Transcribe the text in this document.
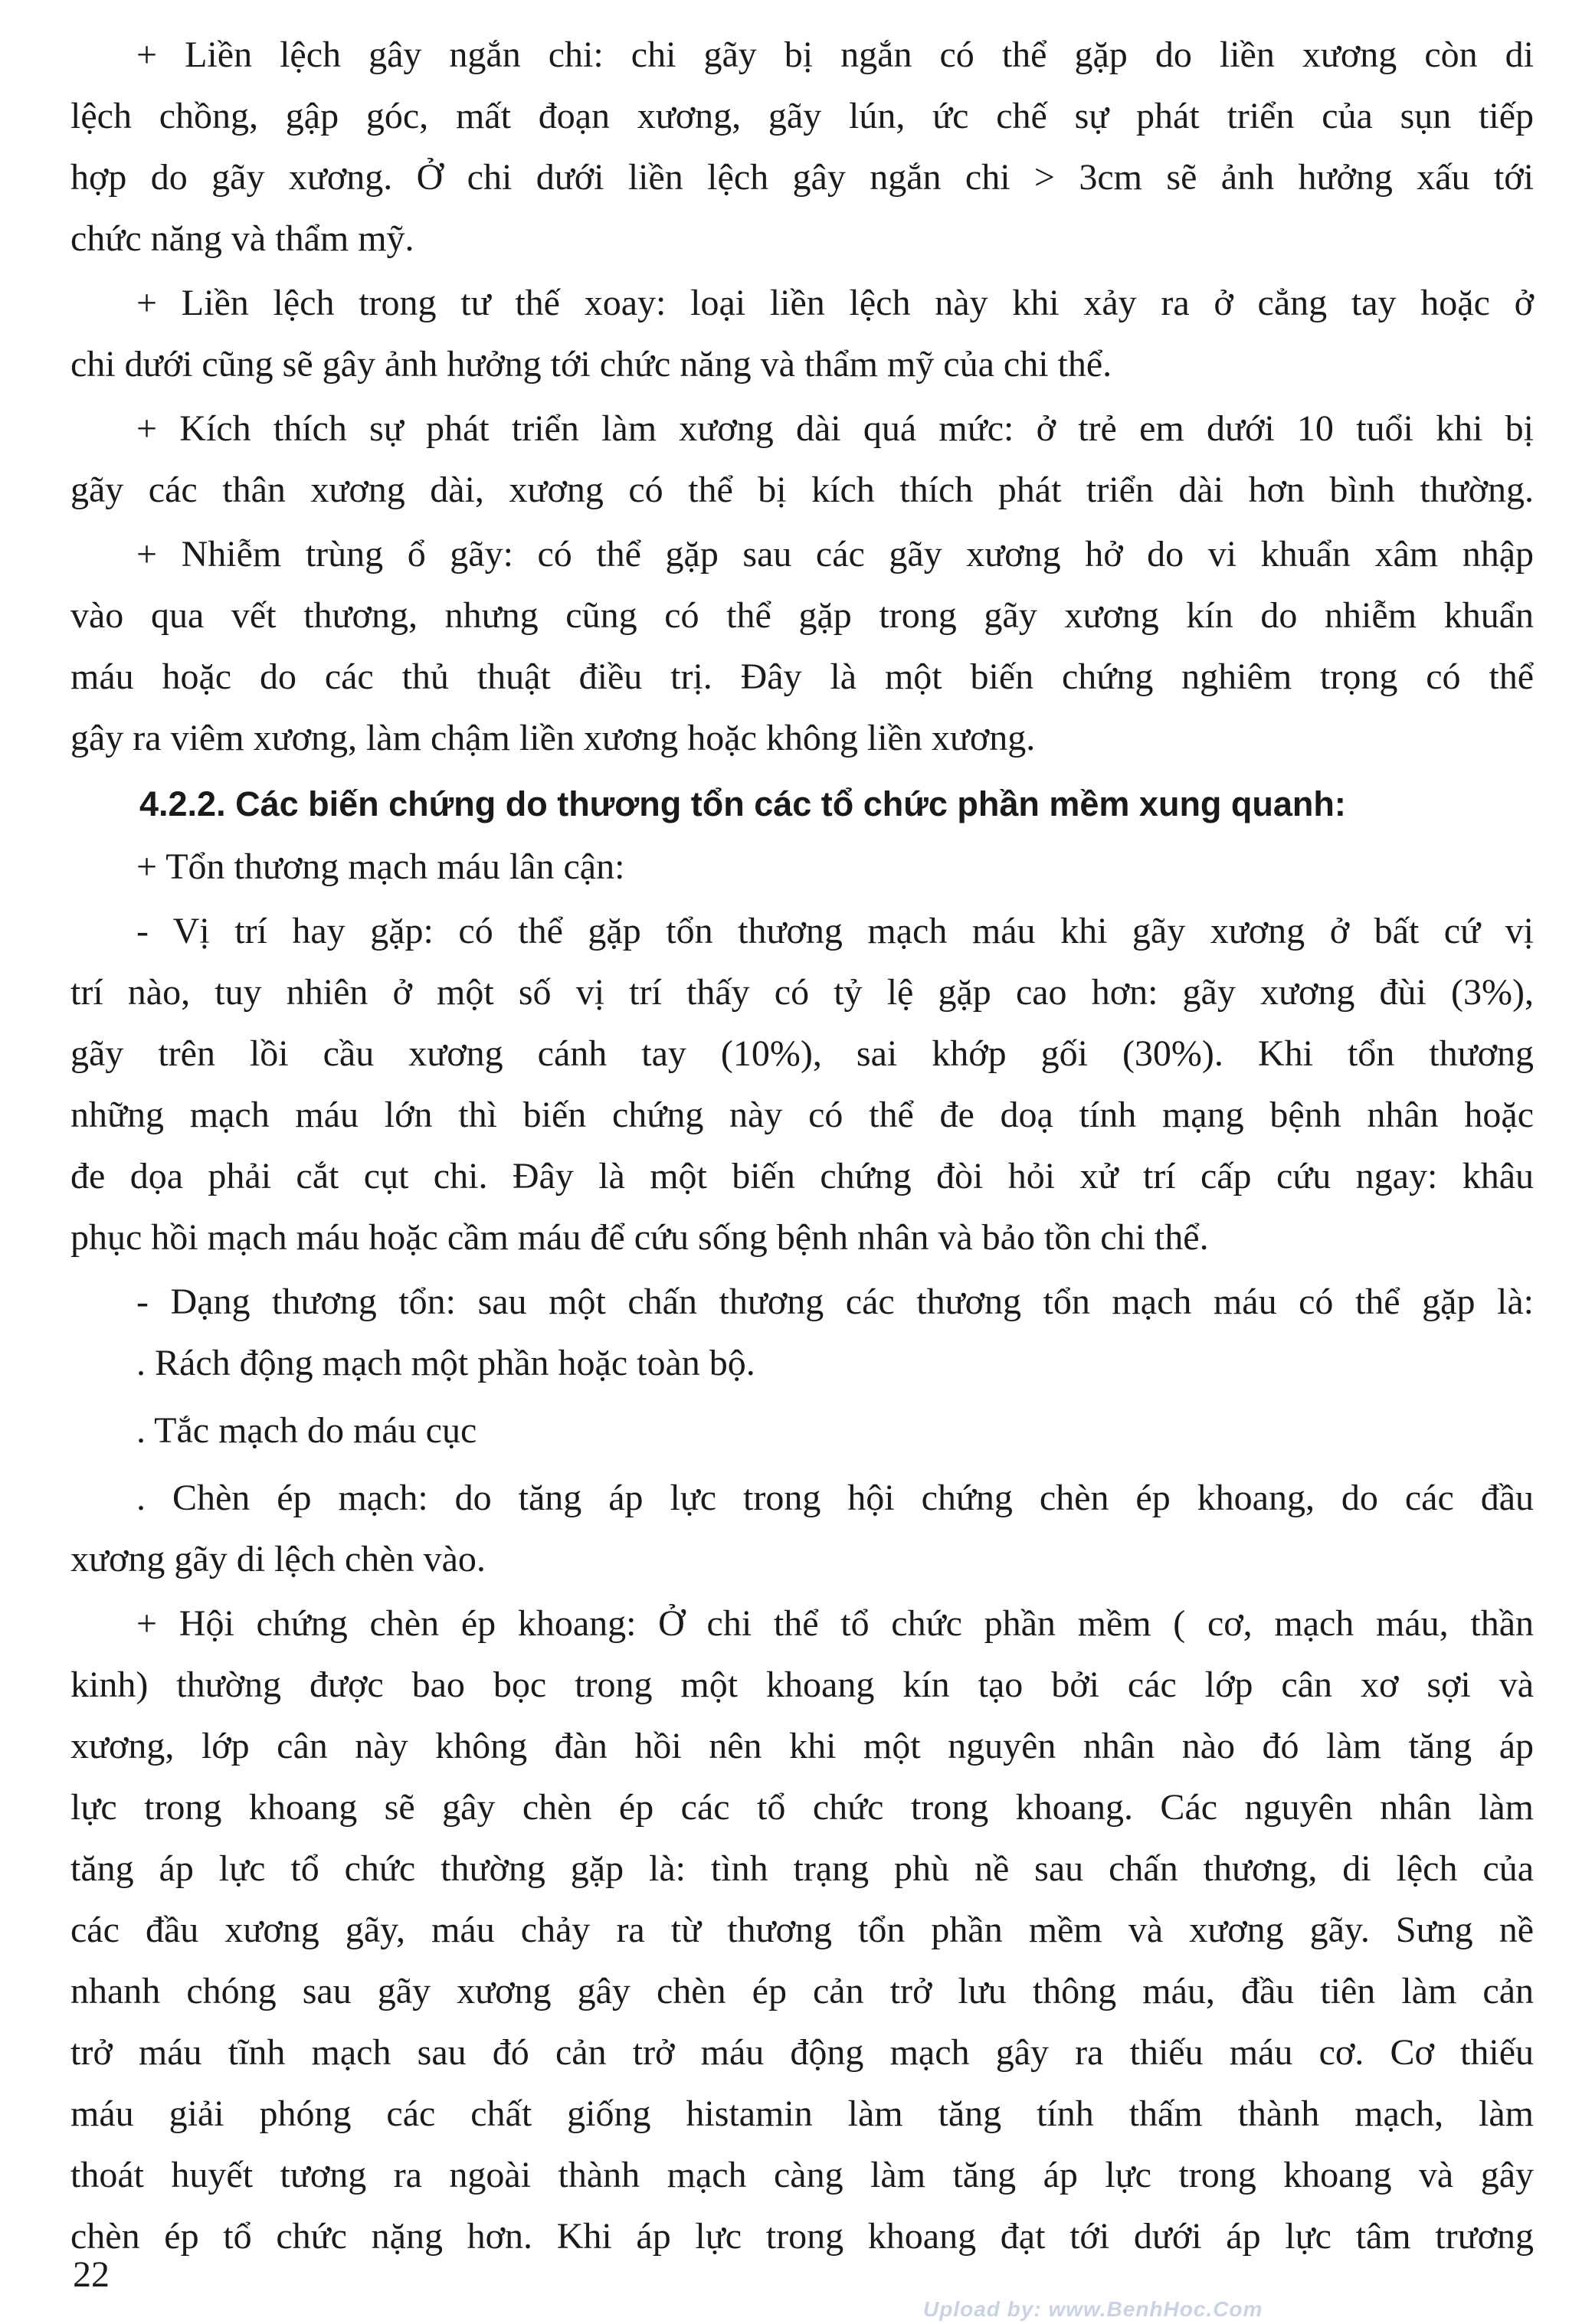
+ Liền lệch gây ngắn chi: chi gãy bị ngắn có thể gặp do liền xương còn di
lệch chồng, gập góc, mất đoạn xương, gãy lún, ức chế sự phát triển của sụn tiếp
hợp do gãy xương. Ở chi dưới liền lệch gây ngắn chi > 3cm sẽ ảnh hưởng xấu tới
chức năng và thẩm mỹ.
+ Liền lệch trong tư thế xoay: loại liền lệch này khi xảy ra ở cẳng tay hoặc ở
chi dưới cũng sẽ gây ảnh hưởng tới chức năng và thẩm mỹ của chi thể.
+ Kích thích sự phát triển làm xương dài quá mức: ở trẻ em dưới 10 tuổi khi bị
gãy các thân xương dài, xương có thể bị kích thích phát triển dài hơn bình thường.
+ Nhiễm trùng ổ gãy: có thể gặp sau các gãy xương hở do vi khuẩn xâm nhập
vào qua vết thương, nhưng cũng có thể gặp trong gãy xương kín do nhiễm khuẩn
máu hoặc do các thủ thuật điều trị. Đây là một biến chứng nghiêm trọng có thể
gây ra viêm xương, làm chậm liền xương hoặc không liền xương.
4.2.2. Các biến chứng do thương tổn các tổ chức phần mềm xung quanh:
+ Tổn thương mạch máu lân cận:
- Vị trí hay gặp: có thể gặp tổn thương mạch máu khi gãy xương ở bất cứ vị
trí nào, tuy nhiên ở một số vị trí thấy có tỷ lệ gặp cao hơn: gãy xương đùi (3%),
gãy trên lồi cầu xương cánh tay (10%), sai khớp gối (30%). Khi tổn thương
những mạch máu lớn thì biến chứng này có thể đe doạ tính mạng bệnh nhân hoặc
đe dọa phải cắt cụt chi. Đây là một biến chứng đòi hỏi xử trí cấp cứu ngay: khâu
phục hồi mạch máu hoặc cầm máu để cứu sống bệnh nhân và bảo tồn chi thể.
- Dạng thương tổn: sau một chấn thương các thương tổn mạch máu có thể gặp là:
. Rách động mạch một phần hoặc toàn bộ.
. Tắc mạch do máu cục
. Chèn ép mạch: do tăng áp lực trong hội chứng chèn ép khoang, do các đầu
xương gãy di lệch chèn vào.
+ Hội chứng chèn ép khoang: Ở chi thể tổ chức phần mềm ( cơ, mạch máu, thần
kinh) thường được bao bọc trong một khoang kín tạo bởi các lớp cân xơ sợi và
xương, lớp cân này không đàn hồi nên khi một nguyên nhân nào đó làm tăng áp
lực trong khoang sẽ gây chèn ép các tổ chức trong khoang. Các nguyên nhân làm
tăng áp lực tổ chức thường gặp là: tình trạng phù nề sau chấn thương, di lệch của
các đầu xương gãy, máu chảy ra từ thương tổn phần mềm và xương gãy. Sưng nề
nhanh chóng sau gãy xương gây chèn ép cản trở lưu thông máu, đầu tiên làm cản
trở máu tĩnh mạch sau đó cản trở máu động mạch gây ra thiếu máu cơ. Cơ thiếu
máu giải phóng các chất giống histamin làm tăng tính thấm thành mạch, làm
thoát huyết tương ra ngoài thành mạch càng làm tăng áp lực trong khoang và gây
chèn ép tổ chức nặng hơn. Khi áp lực trong khoang đạt tới dưới áp lực tâm trương
22
Upload by: www.BenhHoc.Com
